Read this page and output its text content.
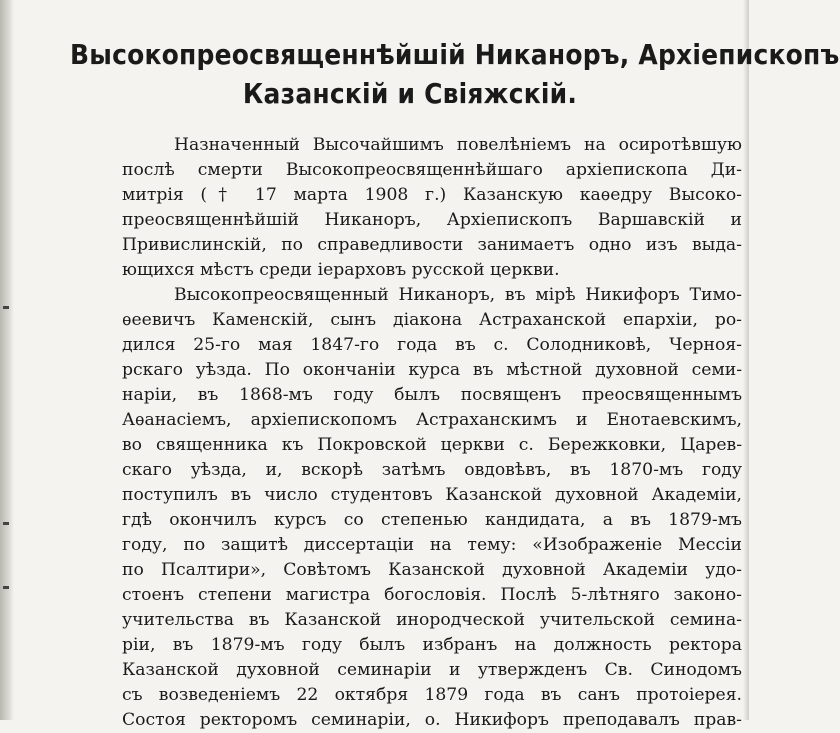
Высокопреосвященнѣйшій Никаноръ, Архіепископъ
Казанскій и Свіяжскій.
Назначенный Высочайшимъ повелѣніемъ на осиротѣвшую
послѣ смерти Высокопреосвященнѣйшаго архіепископа Ди-
митрія († 17 марта 1908 г.) Казанскую каѳедру Высоко-
преосвященнѣйшій Никаноръ, Архіепископъ Варшавскій и
Привислинскій, по справедливости занимаетъ одно изъ выда-
ющихся мѣстъ среди іерарховъ русской церкви.
Высокопреосвященный Никаноръ, въ мірѣ Никифоръ Тимо-
ѳеевичъ Каменскій, сынъ діакона Астраханской епархіи, ро-
дился 25-го мая 1847-го года въ с. Солодниковѣ, Черноя-
рскаго уѣзда. По окончаніи курса въ мѣстной духовной семи-
наріи, въ 1868-мъ году былъ посвященъ преосвященнымъ
Аѳанасіемъ, архіепископомъ Астраханскимъ и Енотаевскимъ,
во священника къ Покровской церкви с. Бережковки, Царев-
скаго уѣзда, и, вскорѣ затѣмъ овдовѣвъ, въ 1870-мъ году
поступилъ въ число студентовъ Казанской духовной Академіи,
гдѣ окончилъ курсъ со степенью кандидата, а въ 1879-мъ
году, по защитѣ диссертаціи на тему: «Изображеніе Мессіи
по Псалтири», Совѣтомъ Казанской духовной Академіи удо-
стоенъ степени магистра богословія. Послѣ 5-лѣтняго законо-
учительства въ Казанской инородческой учительской семина-
ріи, въ 1879-мъ году былъ избранъ на должность ректора
Казанской духовной семинаріи и утвержденъ Св. Синодомъ
съ возведеніемъ 22 октября 1879 года въ санъ протоіерея.
Состоя ректоромъ семинаріи, о. Никифоръ преподавалъ прав-
